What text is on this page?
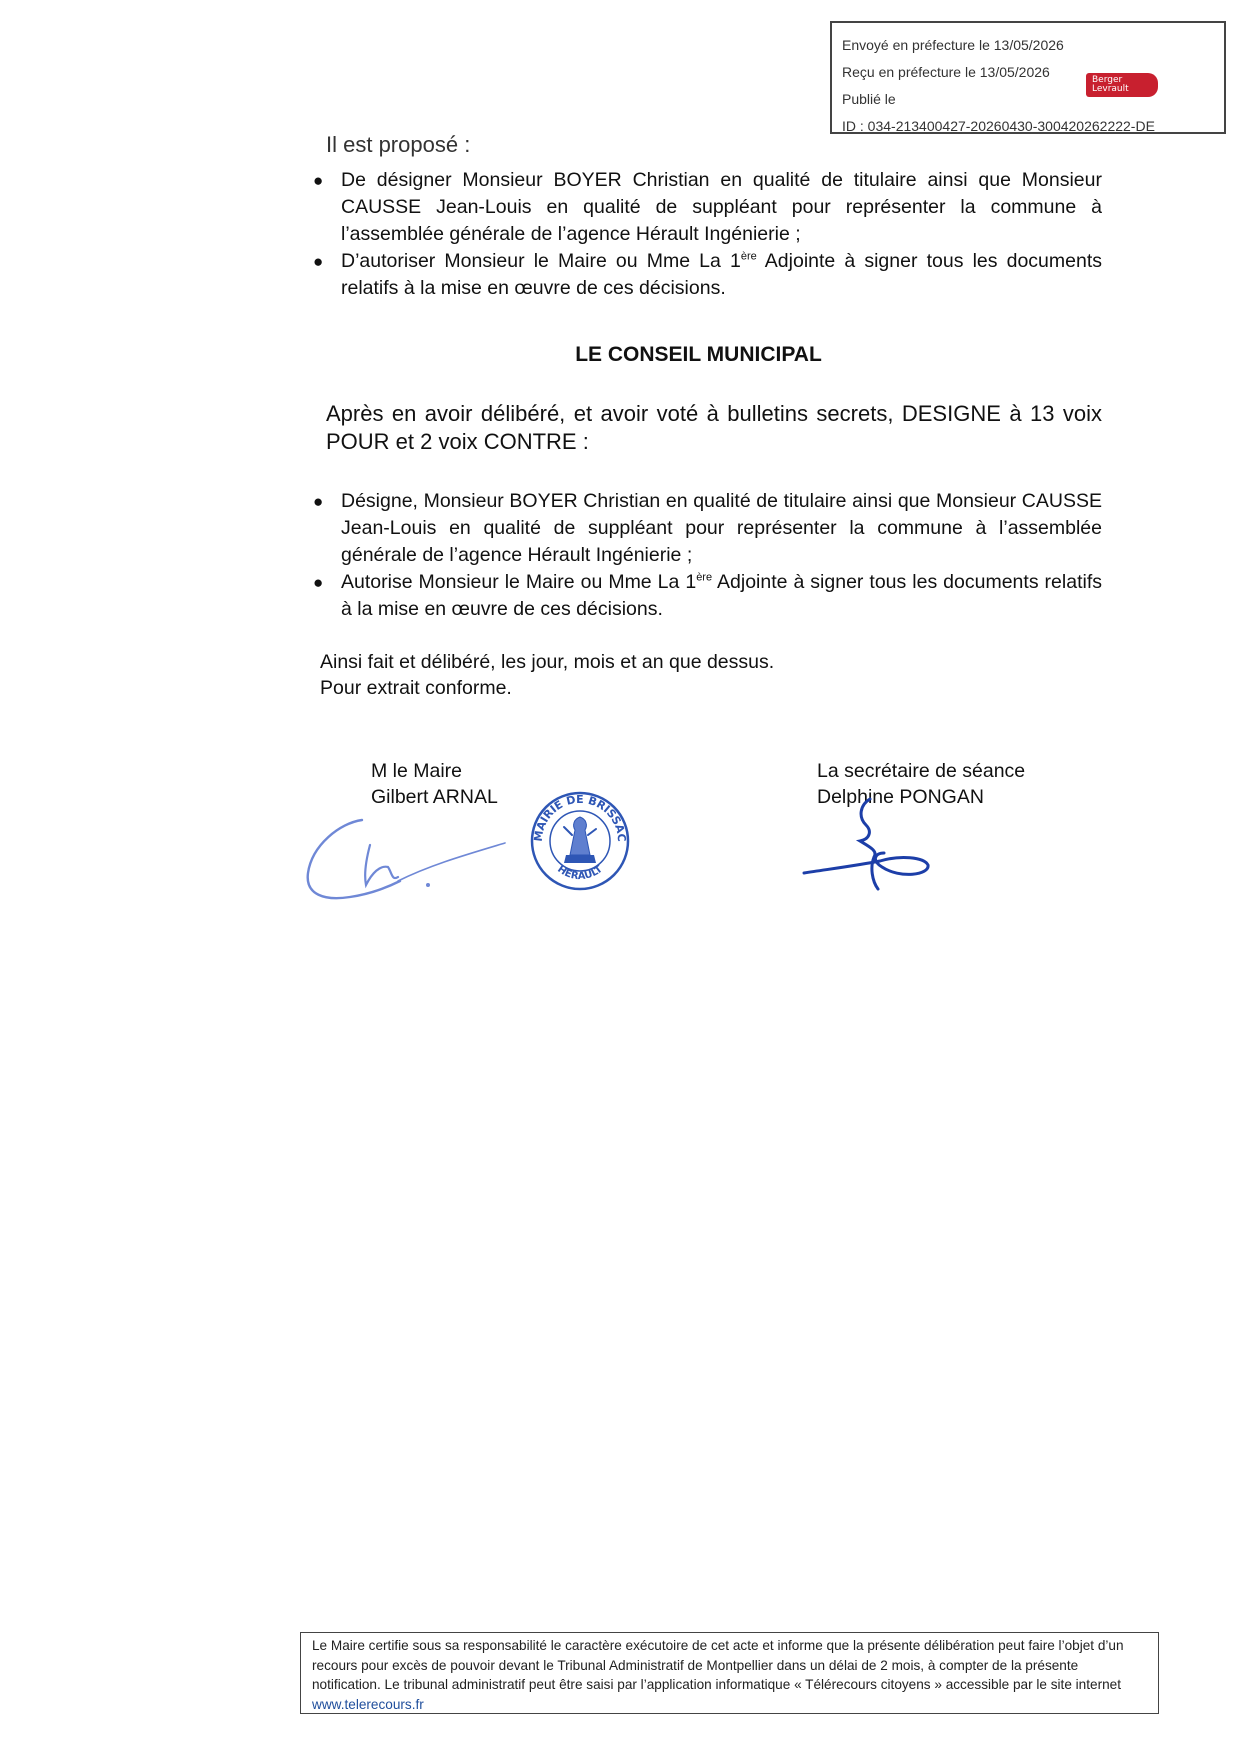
Envoyé en préfecture le 13/05/2026
Reçu en préfecture le 13/05/2026
Publié le
ID : 034-213400427-20260430-300420262222-DE
Berger
Levrault
Il est proposé :
● De désigner Monsieur BOYER Christian en qualité de titulaire ainsi que Monsieur CAUSSE Jean-Louis en qualité de suppléant pour représenter la commune à l’assemblée générale de l’agence Hérault Ingénierie ;
● D’autoriser Monsieur le Maire ou Mme La 1ère Adjointe à signer tous les documents relatifs à la mise en œuvre de ces décisions.
LE CONSEIL MUNICIPAL
Après en avoir délibéré, et avoir voté à bulletins secrets, DESIGNE à 13 voix POUR et 2 voix CONTRE :
● Désigne, Monsieur BOYER Christian en qualité de titulaire ainsi que Monsieur CAUSSE Jean-Louis en qualité de suppléant pour représenter la commune à l’assemblée générale de l’agence Hérault Ingénierie ;
● Autorise Monsieur le Maire ou Mme La 1ère Adjointe à signer tous les documents relatifs à la mise en œuvre de ces décisions.
Ainsi fait et délibéré, les jour, mois et an que dessus.
Pour extrait conforme.
M le Maire
Gilbert ARNAL
La secrétaire de séance
Delphine PONGAN
MAIRIE DE BRISSAC
HERAULT
Le Maire certifie sous sa responsabilité le caractère exécutoire de cet acte et informe que la présente délibération peut faire l’objet d’un recours pour excès de pouvoir devant le Tribunal Administratif de Montpellier dans un délai de 2 mois, à compter de la présente notification. Le tribunal administratif peut être saisi par l’application informatique « Télérecours citoyens » accessible par le site internet www.telerecours.fr
